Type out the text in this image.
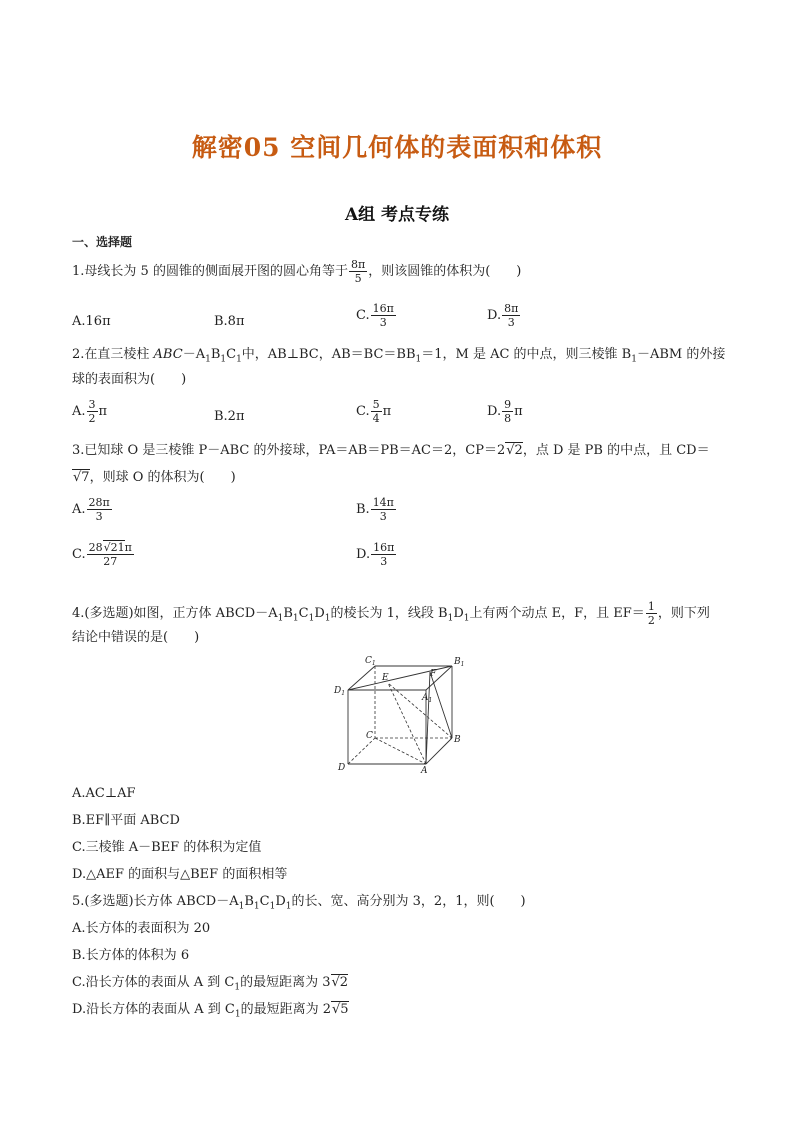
解密05 空间几何体的表面积和体积
A组 考点专练
一、选择题
1.母线长为 5 的圆锥的侧面展开图的圆心角等于 $\frac{8\pi}{5}$ ，则该圆锥的体积为(　　)
A.16π	B.8π	C. $\frac{16\pi}{3}$	D. $\frac{8\pi}{3}$
2.在直三棱柱 $ABC-A_1B_1C_1$中，AB⊥BC，$AB=BC=BB_1=1$，M 是 AC 的中点，则三棱锥 $B_1-ABM$ 的外接
球的表面积为(　　)
A. $\frac{3}{2}$ π	B.2π	C. $\frac{5}{4}$ π	D. $\frac{9}{8}$ π
3.已知球 O 是三棱锥 P－ABC 的外接球，PA＝AB＝PB＝AC＝2，CP＝2√2，点 D 是 PB 的中点，且 CD＝
√7，则球 O 的体积为(　　)
A. $\frac{28\pi}{3}$	B. $\frac{14\pi}{3}$
C. $\frac{28√21\pi}{27}$	D. $\frac{16\pi}{3}$
4.(多选题)如图，正方体 $ABCD-A_1B_1C_1D_1$的棱长为 1，线段 $B_1D_1$上有两个动点 E，F，且 $EF= \frac{1}{2}$ ，则下列
结论中错误的是(　　)
$C_1$	$B_1$
$D_1$
E	F
$A_1$
C	B
D	A
A.AC⊥AF
B.EF∥平面 ABCD
C.三棱锥 A－BEF 的体积为定值
D.△AEF 的面积与△BEF 的面积相等
5.(多选题)长方体 $ABCD-A_1B_1C_1D_1$的长、宽、高分别为 3，2，1，则(　　)
A.长方体的表面积为 20
B.长方体的体积为 6
C.沿长方体的表面从 A 到 $C_1$的最短距离为 3√2
D.沿长方体的表面从 A 到 $C_1$的最短距离为 2√5
